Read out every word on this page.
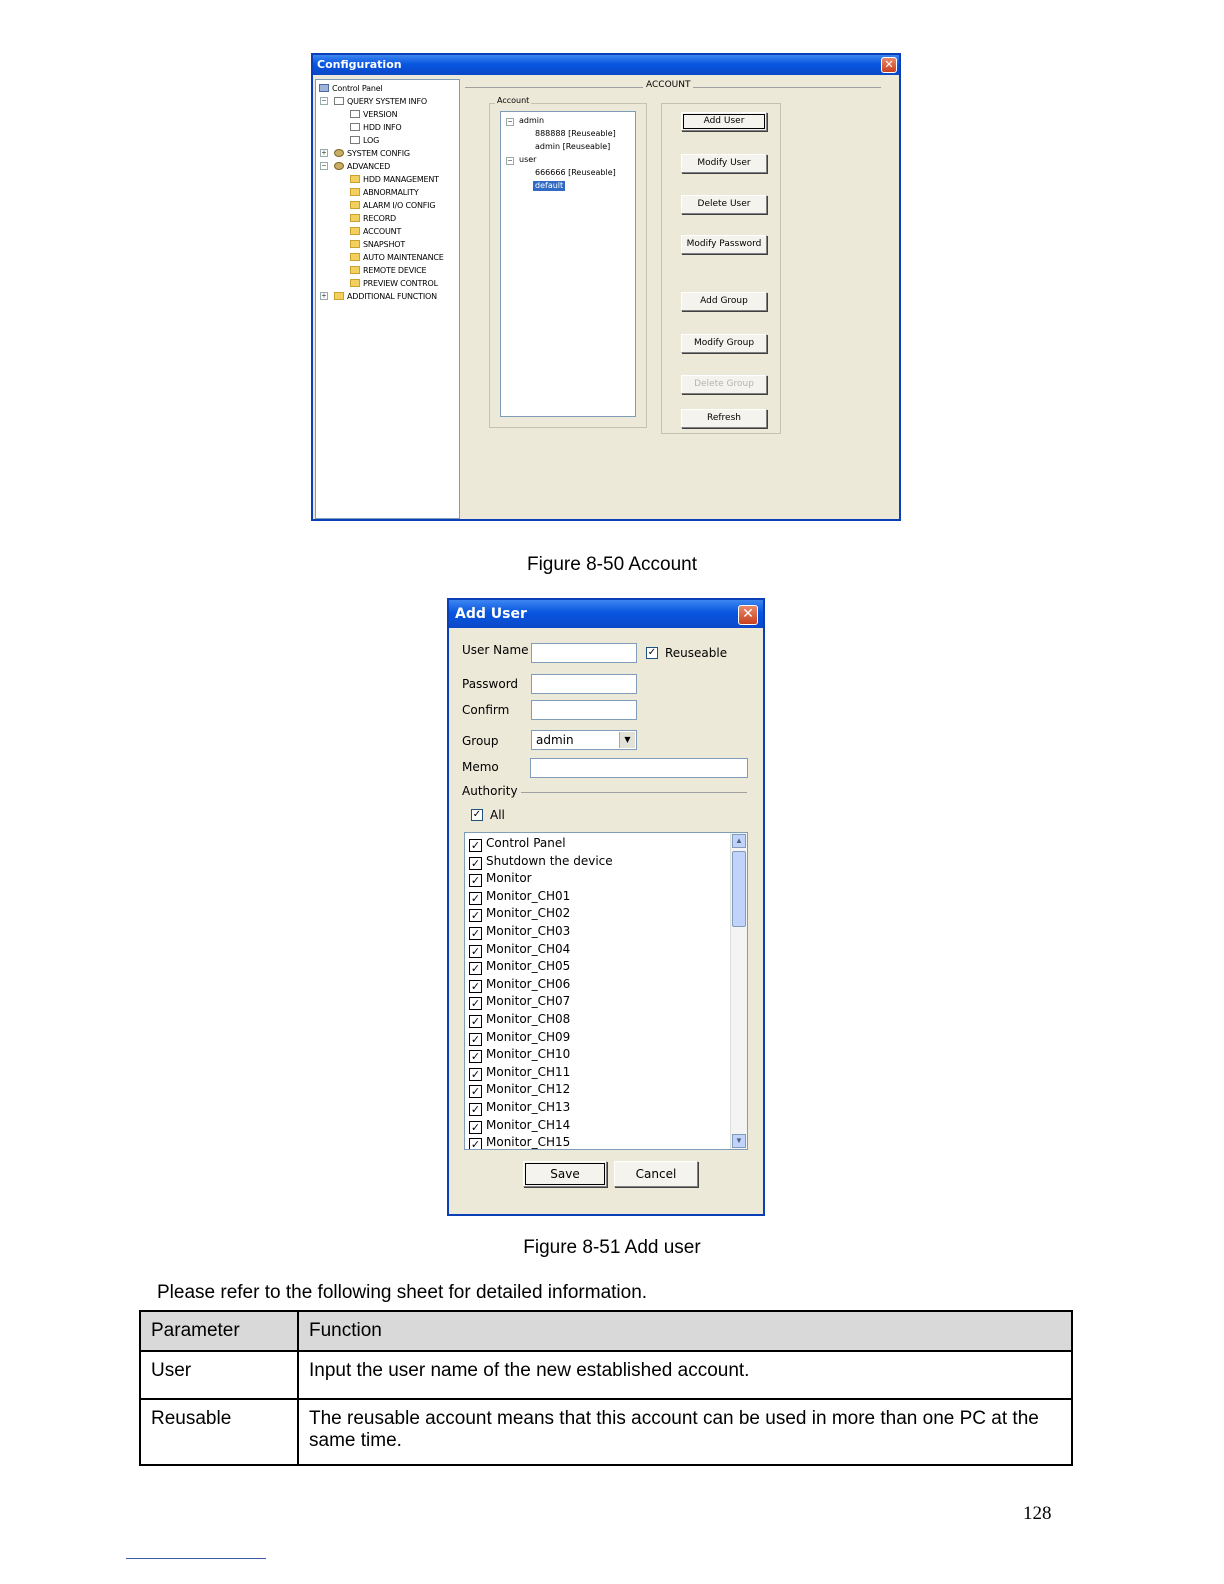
Configuration	✕
Control Panel
−	QUERY SYSTEM INFO
VERSION
HDD INFO
LOG
+	SYSTEM CONFIG
−	ADVANCED
HDD MANAGEMENT
ABNORMALITY
ALARM I/O CONFIG
RECORD
ACCOUNT
SNAPSHOT
AUTO MAINTENANCE
REMOTE DEVICE
PREVIEW CONTROL
+	ADDITIONAL FUNCTION
ACCOUNT
Account
− admin
888888 [Reuseable]
admin [Reuseable]
− user
666666 [Reuseable]
default
Add User
Modify User
Delete User
Modify Password
Add Group
Modify Group
Delete Group
Refresh
Figure 8-50 Account
Add User	✕
User Name	✓ Reuseable
Password
Confirm
Group	admin	▼
Memo
Authority
✓ All
✓ Control Panel
✓ Shutdown the device
✓ Monitor
✓ Monitor_CH01
✓ Monitor_CH02
✓ Monitor_CH03
✓ Monitor_CH04
✓ Monitor_CH05
✓ Monitor_CH06
✓ Monitor_CH07
✓ Monitor_CH08
✓ Monitor_CH09
✓ Monitor_CH10
✓ Monitor_CH11
✓ Monitor_CH12
✓ Monitor_CH13
✓ Monitor_CH14
✓ Monitor_CH15
▲
▼
Save	Cancel
Figure 8-51 Add user
Please refer to the following sheet for detailed information.
Parameter	Function
User	Input the user name of the new established account.
Reusable	The reusable account means that this account can be used in more than one PC at the same time.
128
